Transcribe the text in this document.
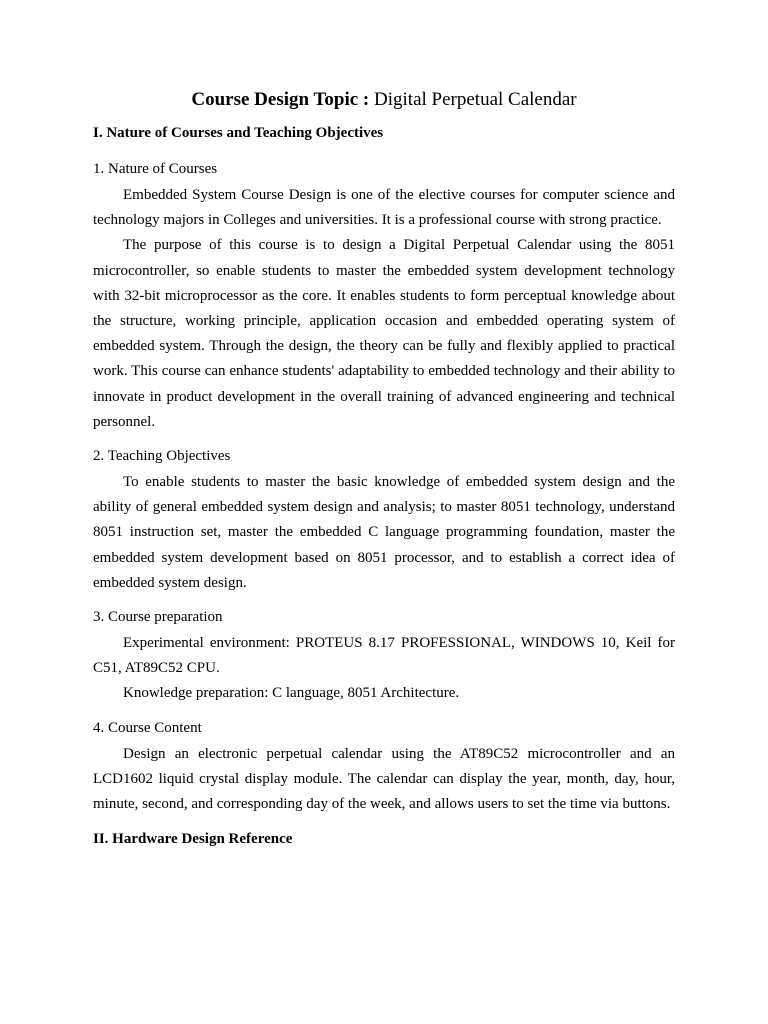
Course Design Topic : Digital Perpetual Calendar
I. Nature of Courses and Teaching Objectives
1. Nature of Courses

Embedded System Course Design is one of the elective courses for computer science and technology majors in Colleges and universities. It is a professional course with strong practice.

The purpose of this course is to design a Digital Perpetual Calendar using the 8051 microcontroller, so enable students to master the embedded system development technology with 32-bit microprocessor as the core. It enables students to form perceptual knowledge about the structure, working principle, application occasion and embedded operating system of embedded system. Through the design, the theory can be fully and flexibly applied to practical work. This course can enhance students' adaptability to embedded technology and their ability to innovate in product development in the overall training of advanced engineering and technical personnel.

2. Teaching Objectives

To enable students to master the basic knowledge of embedded system design and the ability of general embedded system design and analysis; to master 8051 technology, understand 8051 instruction set, master the embedded C language programming foundation, master the embedded system development based on 8051 processor, and to establish a correct idea of embedded system design.

3. Course preparation

Experimental environment: PROTEUS 8.17 PROFESSIONAL, WINDOWS 10, Keil for C51, AT89C52 CPU.

Knowledge preparation: C language, 8051 Architecture.

4. Course Content

Design an electronic perpetual calendar using the AT89C52 microcontroller and an LCD1602 liquid crystal display module. The calendar can display the year, month, day, hour, minute, second, and corresponding day of the week, and allows users to set the time via buttons.

II. Hardware Design Reference
